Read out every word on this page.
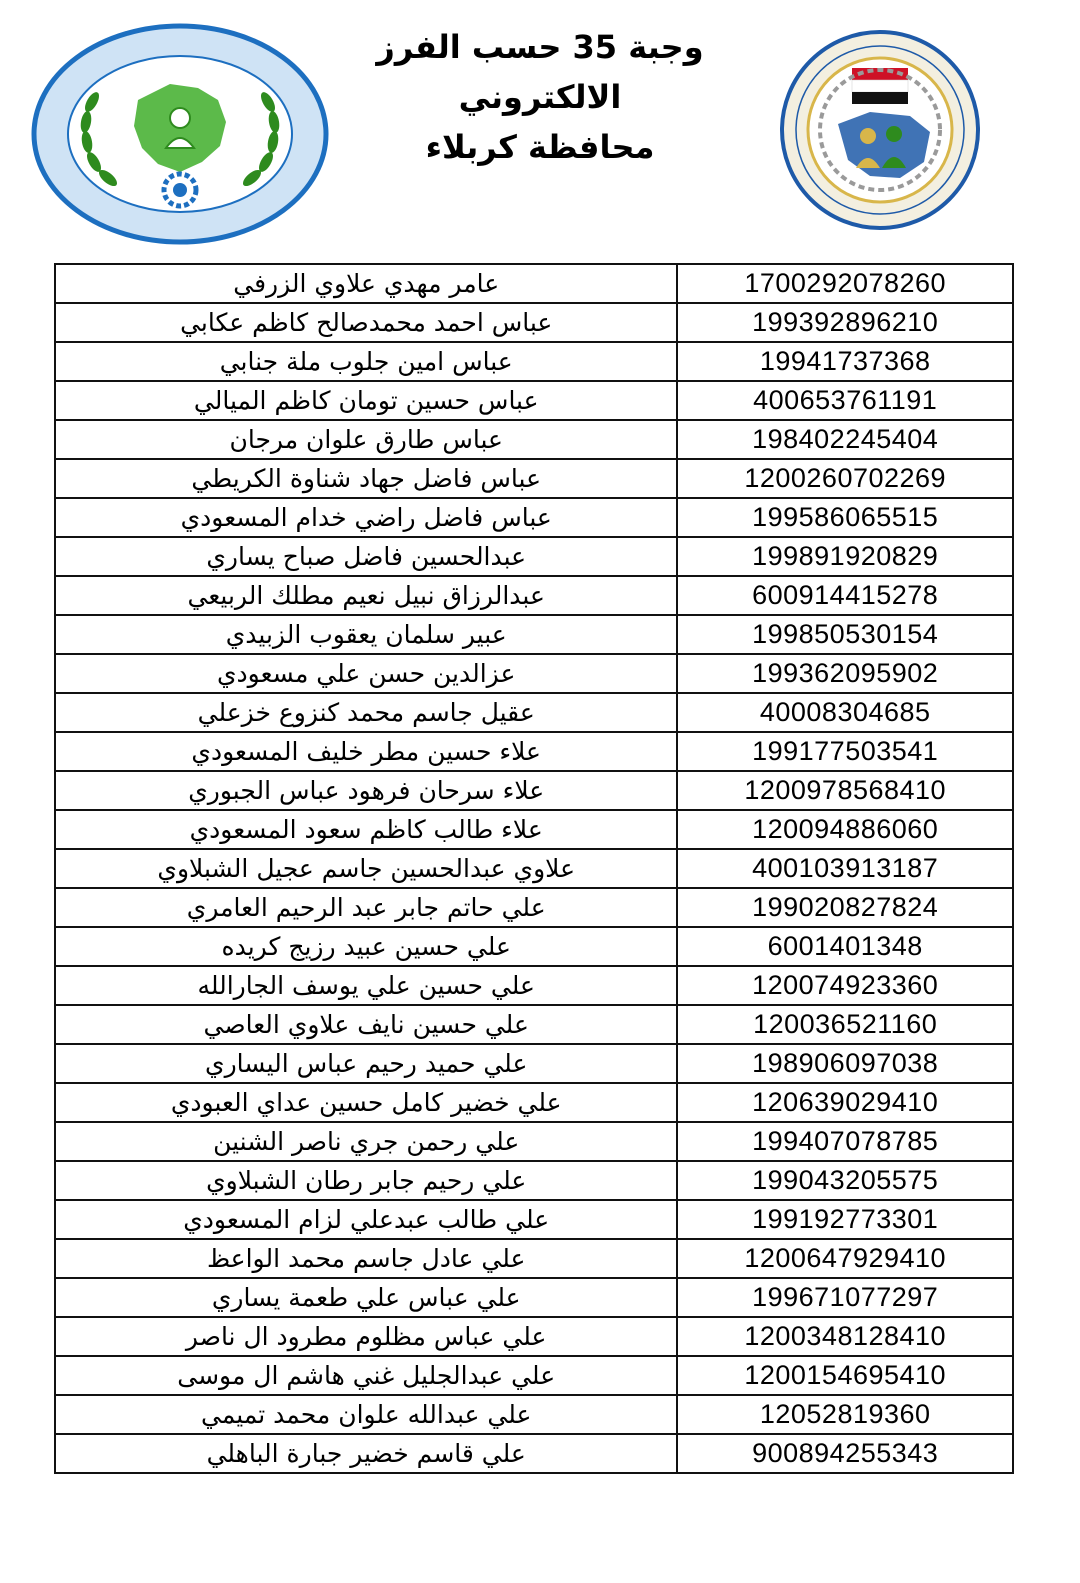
وجبة 35 حسب الفرز الالكتروني
محافظة كربلاء
عامر مهدي علاوي الزرفي	1700292078260
عباس احمد محمدصالح كاظم عكابي	199392896210
عباس امين جلوب ملة جنابي	19941737368
عباس حسين تومان كاظم الميالي	400653761191
عباس طارق علوان مرجان	198402245404
عباس فاضل جهاد شناوة الكريطي	1200260702269
عباس فاضل راضي خدام المسعودي	199586065515
عبدالحسين فاضل صباح يساري	199891920829
عبدالرزاق نبيل نعيم مطلك الربيعي	600914415278
عبير سلمان يعقوب الزبيدي	199850530154
عزالدين حسن علي مسعودي	199362095902
عقيل جاسم محمد كنزوع خزعلي	40008304685
علاء حسين مطر خليف المسعودي	199177503541
علاء سرحان فرهود عباس الجبوري	1200978568410
علاء طالب كاظم سعود المسعودي	120094886060
علاوي عبدالحسين جاسم عجيل الشبلاوي	400103913187
علي حاتم جابر عبد الرحيم العامري	199020827824
علي حسين عبيد رزيج كريده	6001401348
علي حسين علي يوسف الجارالله	120074923360
علي حسين نايف علاوي العاصي	120036521160
علي حميد رحيم عباس اليساري	198906097038
علي خضير كامل حسين عداي العبودي	120639029410
علي رحمن جري ناصر الشنين	199407078785
علي رحيم جابر رطان الشبلاوي	199043205575
علي طالب عبدعلي لزام المسعودي	199192773301
علي عادل جاسم محمد الواعظ	1200647929410
علي عباس علي طعمة يساري	199671077297
علي عباس مظلوم مطرود ال ناصر	1200348128410
علي عبدالجليل غني هاشم ال موسى	1200154695410
علي عبدالله علوان محمد تميمي	12052819360
علي قاسم خضير جبارة الباهلي	900894255343
